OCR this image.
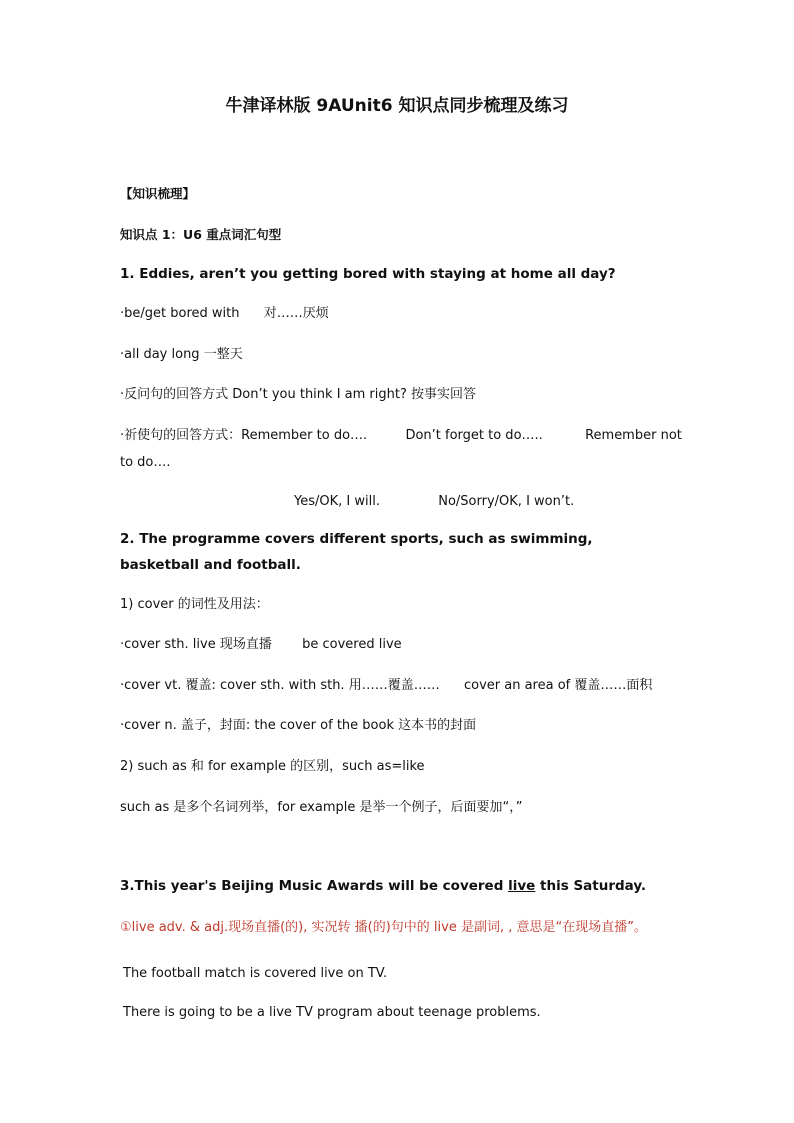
牛津译林版 9AUnit6 知识点同步梳理及练习
【知识梳理】
知识点 1：U6 重点词汇句型
1. Eddies, aren’t you getting bored with staying at home all day?
·be/get bored with 对……厌烦
·all day long 一整天
·反问句的回答方式 Don’t you think I am right? 按事实回答
·祈使句的回答方式：Remember to do….	Don’t forget to do…..	Remember not
to do….
Yes/OK, I will.	No/Sorry/OK, I won’t.
2. The programme covers different sports, such as swimming, basketball and football.
1) cover 的词性及用法：
·cover sth. live 现场直播 be covered live
·cover vt. 覆盖: cover sth. with sth. 用……覆盖…… cover an area of 覆盖……面积
·cover n. 盖子，封面: the cover of the book 这本书的封面
2) such as 和 for example 的区别，such as=like
such as 是多个名词列举，for example 是举一个例子，后面要加“，”
3.This year's Beijing Music Awards will be covered live this Saturday.
①live adv. & adj.现场直播(的), 实况转 播(的)句中的 live 是副词, , 意思是“在现场直播”。
The football match is covered live on TV.
There is going to be a live TV program about teenage problems.
